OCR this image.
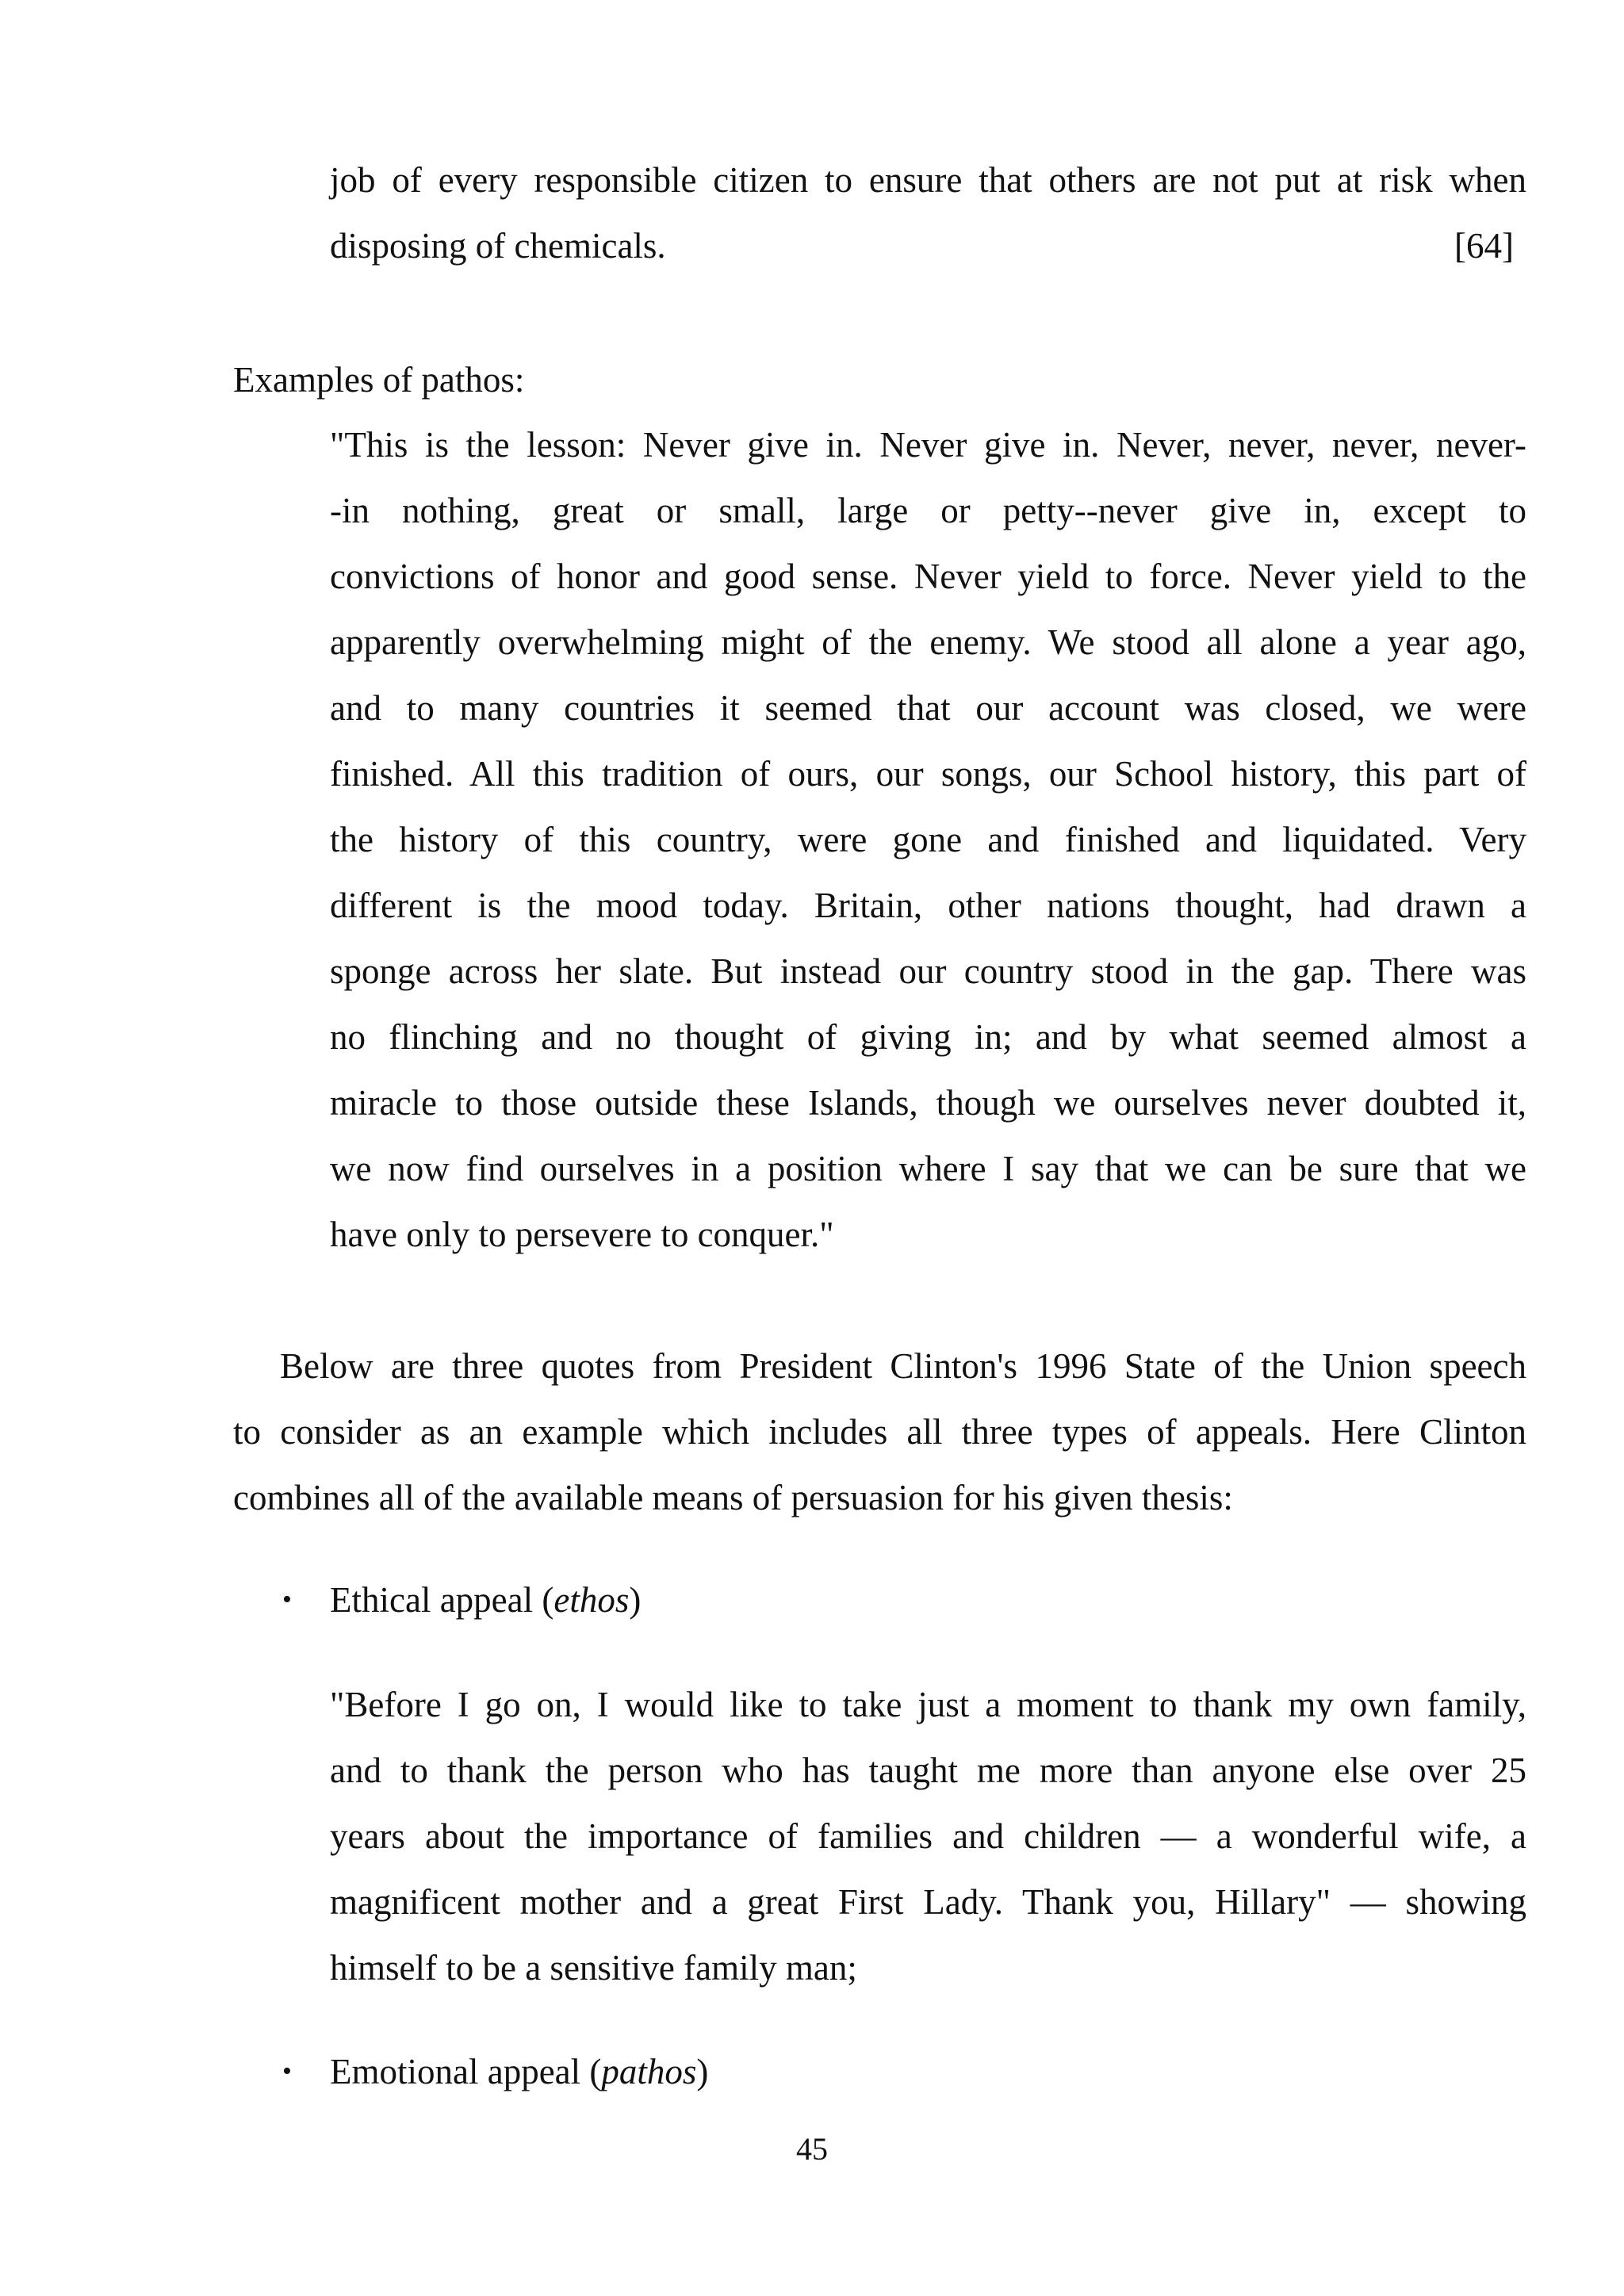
job of every responsible citizen to ensure that others are not put at risk when
disposing of chemicals.	[64]
Examples of pathos:
"This is the lesson: Never give in. Never give in. Never, never, never, never-
-in nothing, great or small, large or petty--never give in, except to
convictions of honor and good sense. Never yield to force. Never yield to the
apparently overwhelming might of the enemy. We stood all alone a year ago,
and to many countries it seemed that our account was closed, we were
finished. All this tradition of ours, our songs, our School history, this part of
the history of this country, were gone and finished and liquidated. Very
different is the mood today. Britain, other nations thought, had drawn a
sponge across her slate. But instead our country stood in the gap. There was
no flinching and no thought of giving in; and by what seemed almost a
miracle to those outside these Islands, though we ourselves never doubted it,
we now find ourselves in a position where I say that we can be sure that we
have only to persevere to conquer."
Below are three quotes from President Clinton's 1996 State of the Union speech
to consider as an example which includes all three types of appeals. Here Clinton
combines all of the available means of persuasion for his given thesis:
• Ethical appeal (ethos)
"Before I go on, I would like to take just a moment to thank my own family,
and to thank the person who has taught me more than anyone else over 25
years about the importance of families and children — a wonderful wife, a
magnificent mother and a great First Lady. Thank you, Hillary" — showing
himself to be a sensitive family man;
• Emotional appeal (pathos)
45
